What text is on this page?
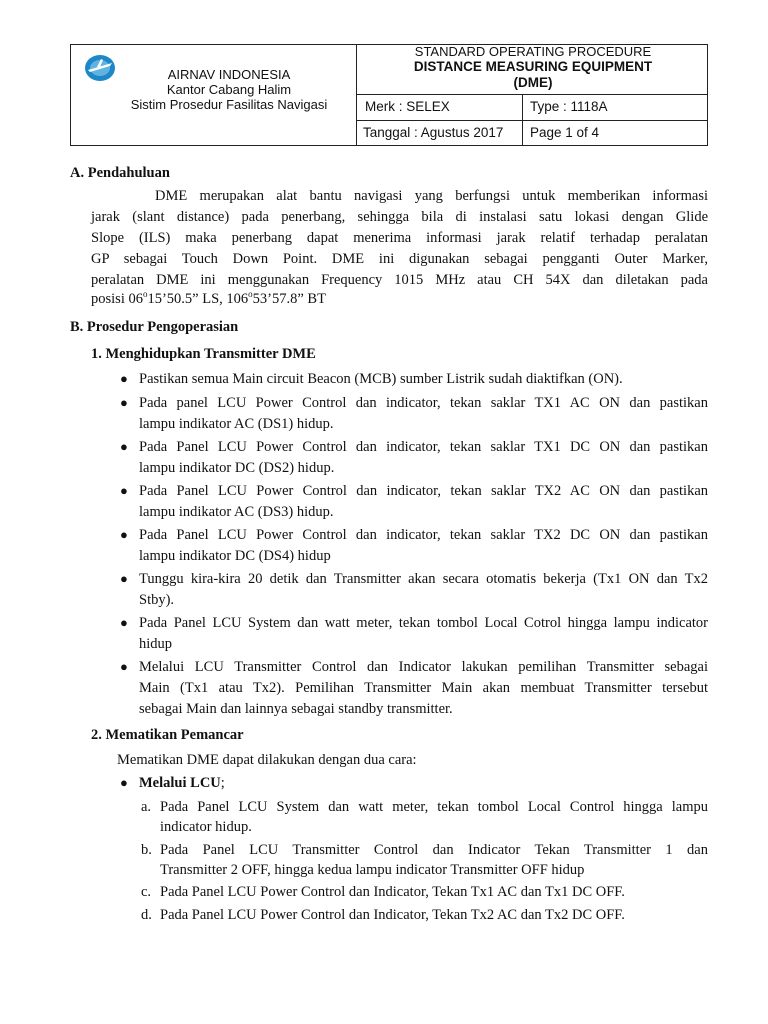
AIRNAV INDONESIA
Kantor Cabang Halim
Sistim Prosedur Fasilitas Navigasi
STANDARD OPERATING PROCEDURE
DISTANCE MEASURING EQUIPMENT
(DME)
Merk : SELEX	Type : 1118A
Tanggal : Agustus 2017 Page 1 of 4
A. Pendahuluan
DME merupakan alat bantu navigasi yang berfungsi untuk memberikan informasi
jarak (slant distance) pada penerbang, sehingga bila di instalasi satu lokasi dengan Glide
Slope (ILS) maka penerbang dapat menerima informasi jarak relatif terhadap peralatan
GP sebagai Touch Down Point. DME ini digunakan sebagai pengganti Outer Marker,
peralatan DME ini menggunakan Frequency 1015 MHz atau CH 54X dan diletakan pada
posisi 06$^o$15’50.5” LS, 106$^o$53’57.8” BT
B. Prosedur Pengoperasian
1. Menghidupkan Transmitter DME
● Pastikan semua Main circuit Beacon (MCB) sumber Listrik sudah diaktifkan (ON).
● Pada panel LCU Power Control dan indicator, tekan saklar TX1 AC ON dan pastikan
lampu indikator AC (DS1) hidup.
● Pada Panel LCU Power Control dan indicator, tekan saklar TX1 DC ON dan pastikan
lampu indikator DC (DS2) hidup.
● Pada Panel LCU Power Control dan indicator, tekan saklar TX2 AC ON dan pastikan
lampu indikator AC (DS3) hidup.
● Pada Panel LCU Power Control dan indicator, tekan saklar TX2 DC ON dan pastikan
lampu indikator DC (DS4) hidup
● Tunggu kira-kira 20 detik dan Transmitter akan secara otomatis bekerja (Tx1 ON dan Tx2
Stby).
● Pada Panel LCU System dan watt meter, tekan tombol Local Cotrol hingga lampu indicator
hidup
● Melalui LCU Transmitter Control dan Indicator lakukan pemilihan Transmitter sebagai
Main (Tx1 atau Tx2). Pemilihan Transmitter Main akan membuat Transmitter tersebut
sebagai Main dan lainnya sebagai standby transmitter.
2. Mematikan Pemancar
Mematikan DME dapat dilakukan dengan dua cara:
● Melalui LCU;
a. Pada Panel LCU System dan watt meter, tekan tombol Local Control hingga lampu
indicator hidup.
b. Pada Panel LCU Transmitter Control dan Indicator Tekan Transmitter 1 dan
Transmitter 2 OFF, hingga kedua lampu indicator Transmitter OFF hidup
c. Pada Panel LCU Power Control dan Indicator, Tekan Tx1 AC dan Tx1 DC OFF.
d. Pada Panel LCU Power Control dan Indicator, Tekan Tx2 AC dan Tx2 DC OFF.
